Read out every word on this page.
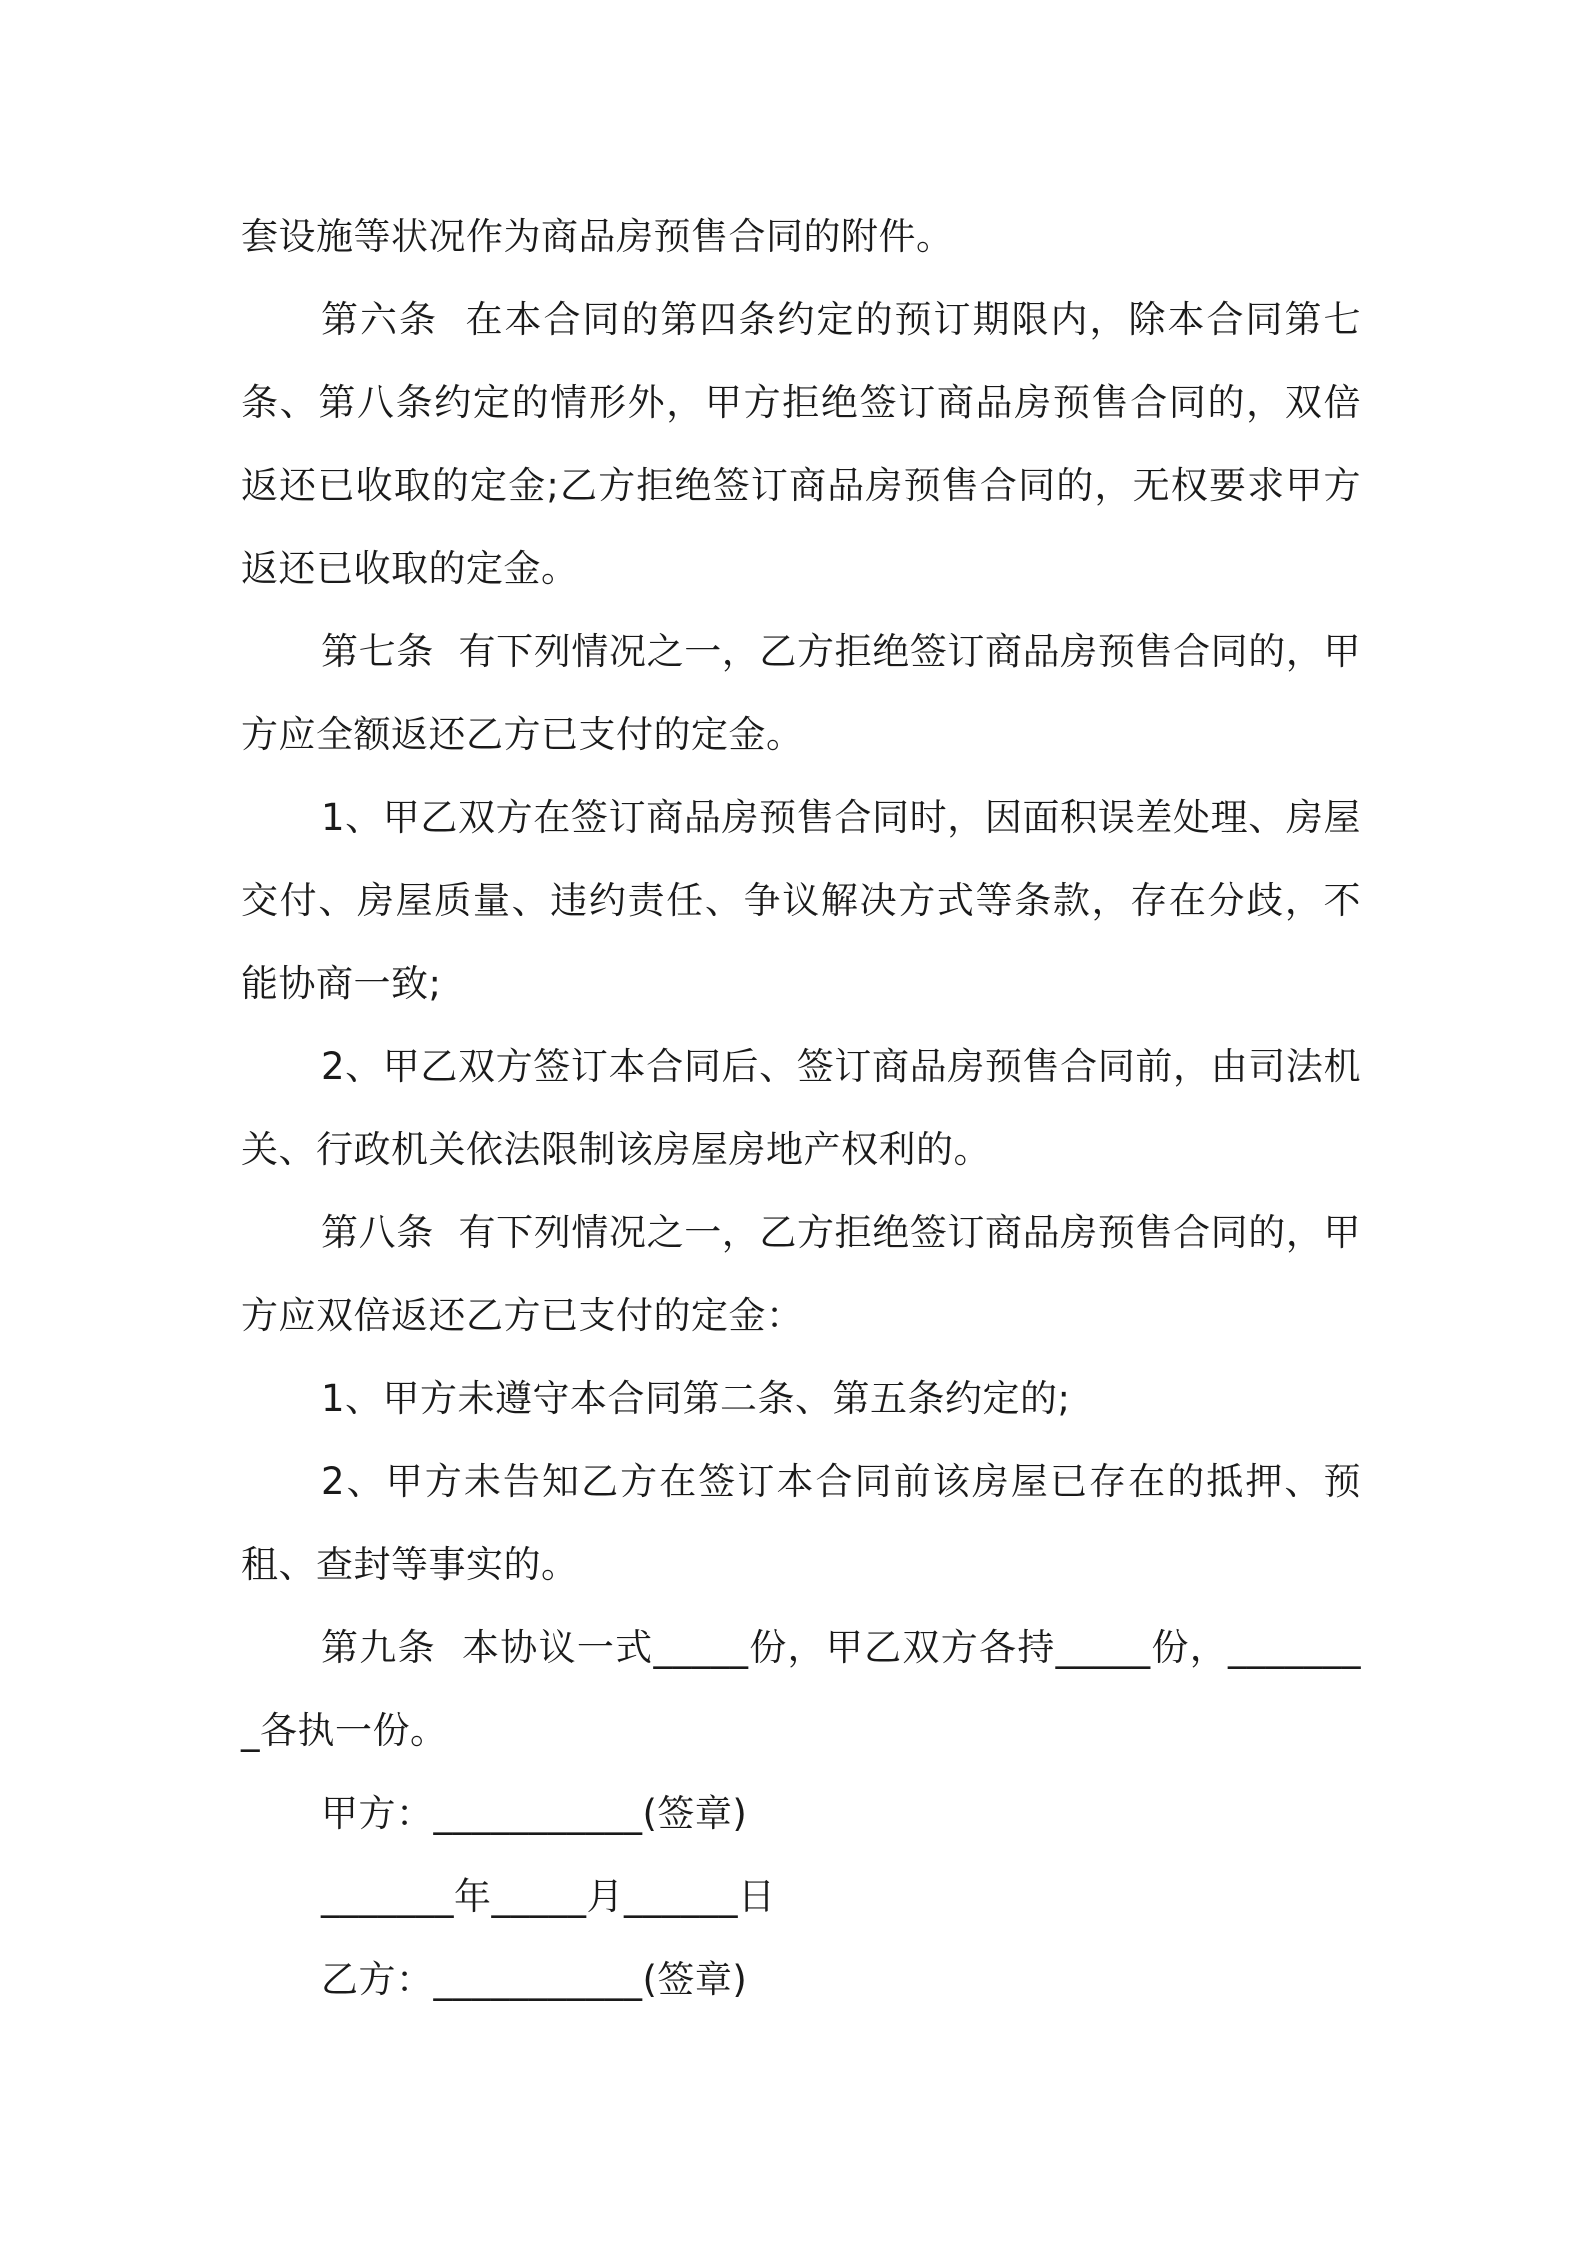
套设施等状况作为商品房预售合同的附件。

第六条  在本合同的第四条约定的预订期限内，除本合同第七条、第八条约定的情形外，甲方拒绝签订商品房预售合同的，双倍返还已收取的定金;乙方拒绝签订商品房预售合同的，无权要求甲方返还已收取的定金。

第七条  有下列情况之一，乙方拒绝签订商品房预售合同的，甲方应全额返还乙方已支付的定金。

1、甲乙双方在签订商品房预售合同时，因面积误差处理、房屋交付、房屋质量、违约责任、争议解决方式等条款，存在分歧，不能协商一致;

2、甲乙双方签订本合同后、签订商品房预售合同前，由司法机关、行政机关依法限制该房屋房地产权利的。

第八条  有下列情况之一，乙方拒绝签订商品房预售合同的，甲方应双倍返还乙方已支付的定金：

1、甲方未遵守本合同第二条、第五条约定的;

2、甲方未告知乙方在签订本合同前该房屋已存在的抵押、预租、查封等事实的。

第九条  本协议一式_____份，甲乙双方各持_____份，________各执一份。

甲方：___________(签章)

_______年_____月______日

乙方：___________(签章)
